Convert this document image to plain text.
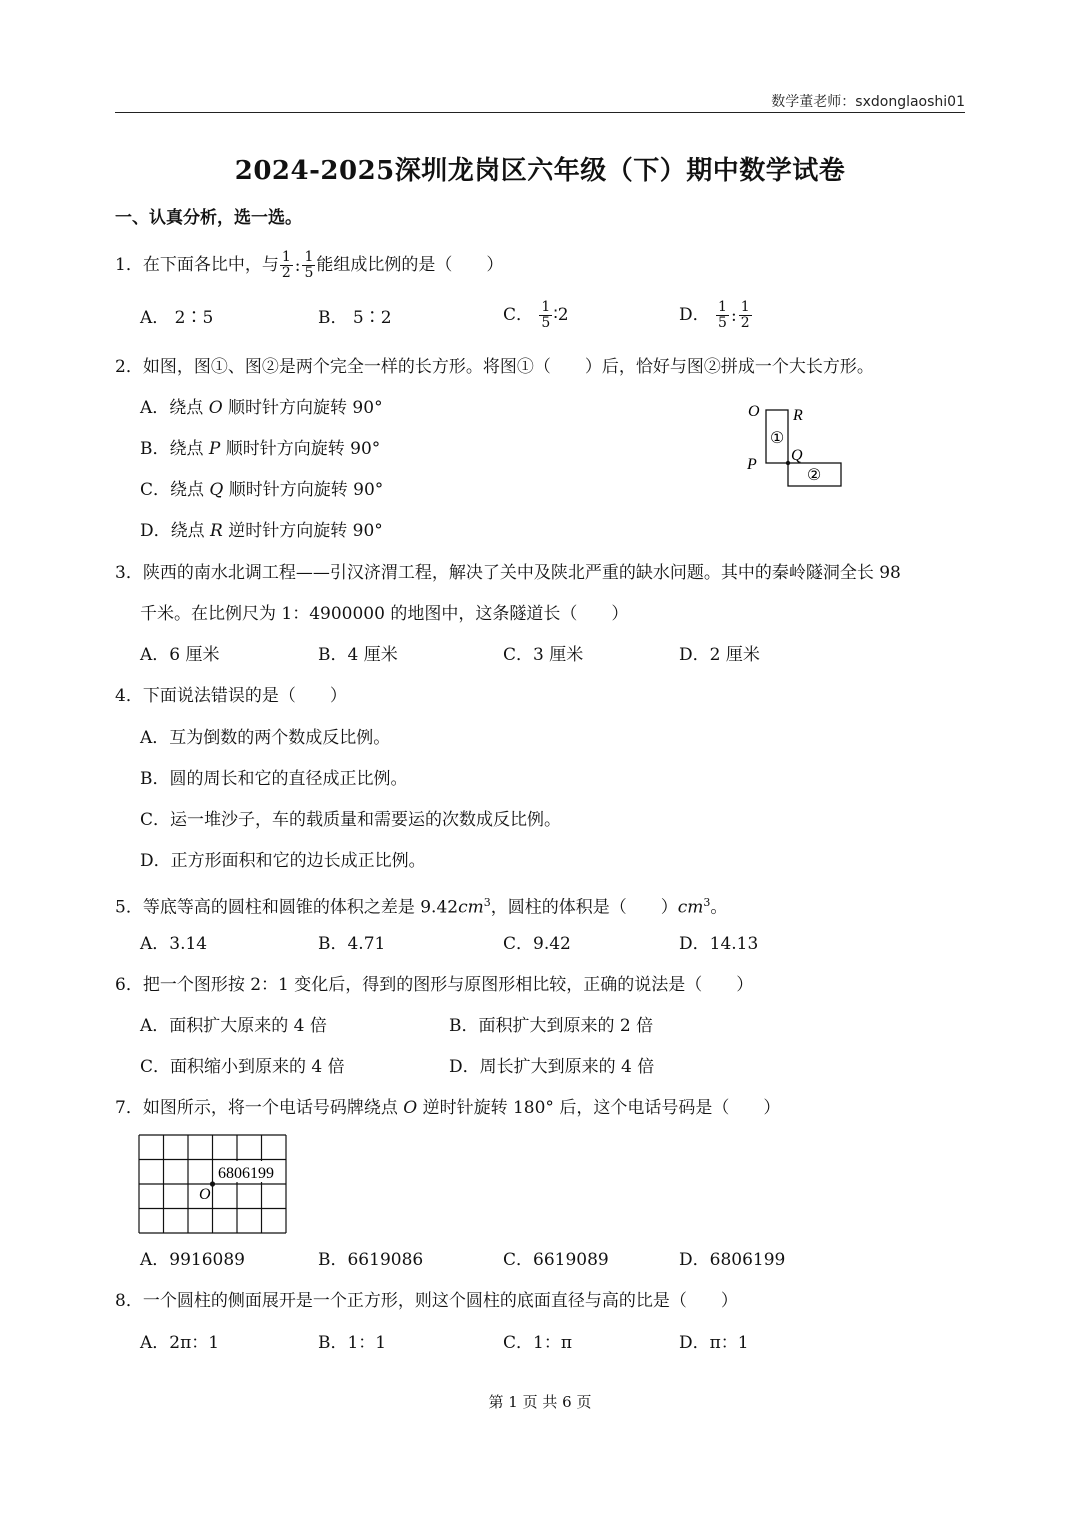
数学董老师：sxdonglaoshi01
2024-2025深圳龙岗区六年级（下）期中数学试卷
一、认真分析，选一选。
1．在下面各比中，与 $\frac{1}{2}$ : $\frac{1}{5}$ 能组成比例的是（　　）
A． 2∶5	B． 5∶2	C． $\frac{1}{5}$ ∶2	D． $\frac{1}{5}$ : $\frac{1}{2}$
2．如图，图①、图②是两个完全一样的长方形。将图①（　　）后，恰好与图②拼成一个大长方形。
A．绕点 O 顺时针方向旋转 90°
B．绕点 P 顺时针方向旋转 90°
C．绕点 Q 顺时针方向旋转 90°
D．绕点 R 逆时针方向旋转 90°
O R
P
Q
①
②
3．陕西的南水北调工程——引汉济渭工程，解决了关中及陕北严重的缺水问题。其中的秦岭隧洞全长 98
千米。在比例尺为 1：4900000 的地图中，这条隧道长（　　）
A．6 厘米	B．4 厘米	C．3 厘米	D．2 厘米
4．下面说法错误的是（　　）
A．互为倒数的两个数成反比例。
B．圆的周长和它的直径成正比例。
C．运一堆沙子，车的载质量和需要运的次数成反比例。
D．正方形面积和它的边长成正比例。
5．等底等高的圆柱和圆锥的体积之差是 $9.42cm^3$，圆柱的体积是（　　）$cm^3$。
A．3.14	B．4.71	C．9.42	D．14.13
6．把一个图形按 2：1 变化后，得到的图形与原图形相比较，正确的说法是（　　）
A．面积扩大原来的 4 倍	B．面积扩大到原来的 2 倍
C．面积缩小到原来的 4 倍	D．周长扩大到原来的 4 倍
7．如图所示，将一个电话号码牌绕点 O 逆时针旋转 180° 后，这个电话号码是（　　）
6806199
O
A．9916089	B．6619086	C．6619089	D．6806199
8．一个圆柱的侧面展开是一个正方形，则这个圆柱的底面直径与高的比是（　　）
A．2π：1	B．1：1	C．1：π	D．π：1
第 1 页 共 6 页
